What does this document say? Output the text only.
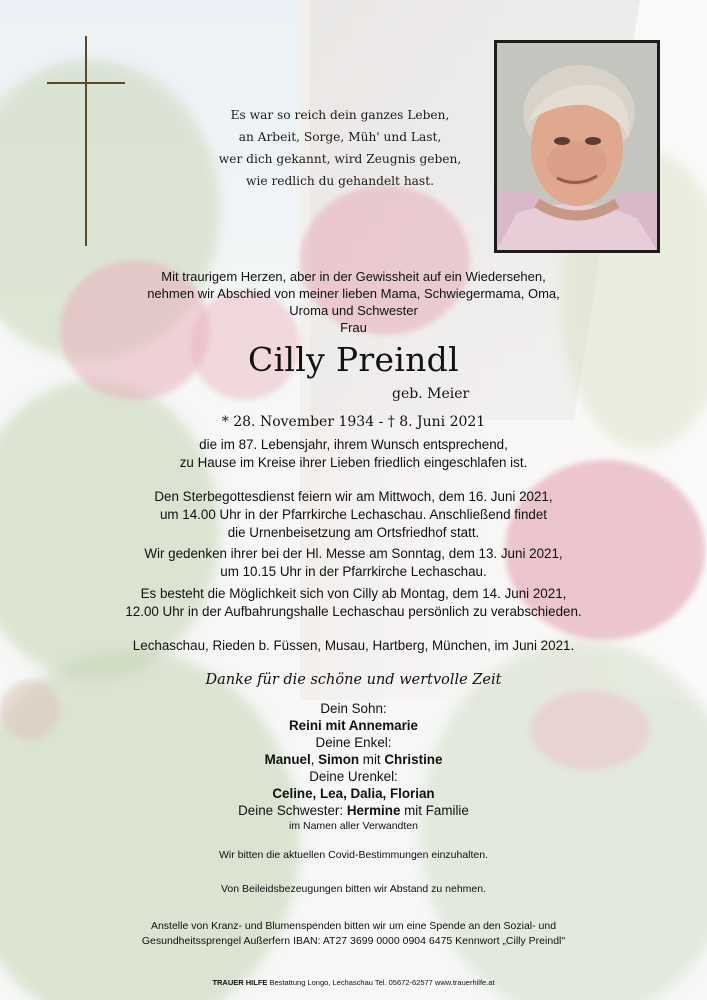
Es war so reich dein ganzes Leben,
an Arbeit, Sorge, Müh' und Last,
wer dich gekannt, wird Zeugnis geben,
wie redlich du gehandelt hast.
Mit traurigem Herzen, aber in der Gewissheit auf ein Wiedersehen,
nehmen wir Abschied von meiner lieben Mama, Schwiegermama, Oma,
Uroma und Schwester
Frau
Cilly Preindl
geb. Meier
* 28. November 1934 - † 8. Juni 2021
die im 87. Lebensjahr, ihrem Wunsch entsprechend,
zu Hause im Kreise ihrer Lieben friedlich eingeschlafen ist.
Den Sterbegottesdienst feiern wir am Mittwoch, dem 16. Juni 2021,
um 14.00 Uhr in der Pfarrkirche Lechaschau. Anschließend findet
die Urnenbeisetzung am Ortsfriedhof statt.
Wir gedenken ihrer bei der Hl. Messe am Sonntag, dem 13. Juni 2021,
um 10.15 Uhr in der Pfarrkirche Lechaschau.
Es besteht die Möglichkeit sich von Cilly ab Montag, dem 14. Juni 2021,
12.00 Uhr in der Aufbahrungshalle Lechaschau persönlich zu verabschieden.
Lechaschau, Rieden b. Füssen, Musau, Hartberg, München, im Juni 2021.
Danke für die schöne und wertvolle Zeit
Dein Sohn:
Reini mit Annemarie
Deine Enkel:
Manuel, Simon mit Christine
Deine Urenkel:
Celine, Lea, Dalia, Florian
Deine Schwester: Hermine mit Familie
im Namen aller Verwandten
Wir bitten die aktuellen Covid-Bestimmungen einzuhalten.
Von Beileidsbezeugungen bitten wir Abstand zu nehmen.
Anstelle von Kranz- und Blumenspenden bitten wir um eine Spende an den Sozial- und
Gesundheitssprengel Außerfern IBAN: AT27 3699 0000 0904 6475 Kennwort „Cilly Preindl"
TRAUER HILFE Bestattung Longo, Lechaschau Tel. 05672-62577 www.trauerhilfe.at
